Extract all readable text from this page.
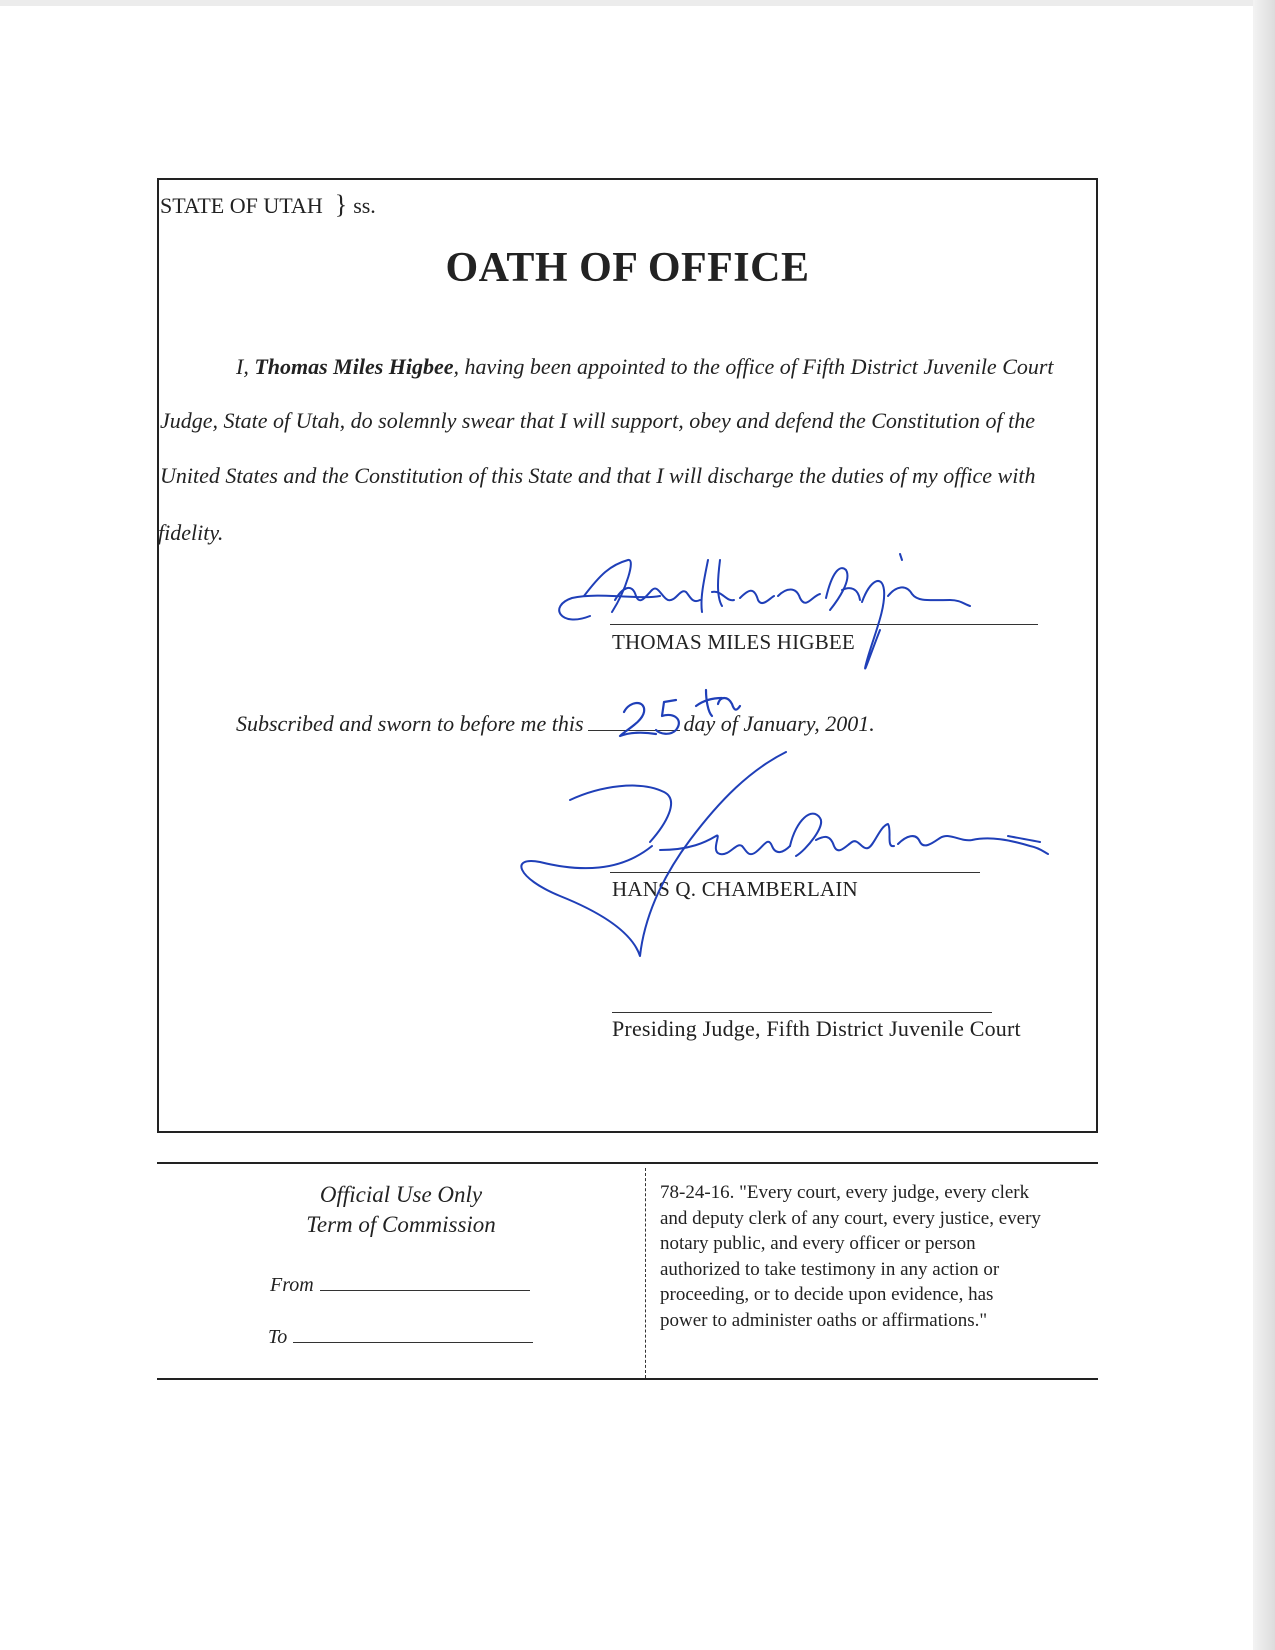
STATE OF UTAH } ss.
OATH OF OFFICE
I, Thomas Miles Higbee, having been appointed to the office of Fifth District Juvenile Court
Judge, State of Utah, do solemnly swear that I will support, obey and defend the Constitution of the
United States and the Constitution of this State and that I will discharge the duties of my office with
fidelity.
THOMAS MILES HIGBEE
Subscribed and sworn to before me this	day of January, 2001.
HANS Q. CHAMBERLAIN
Presiding Judge, Fifth District Juvenile Court
Official Use Only
Term of Commission
From
To
78-24-16. "Every court, every judge, every clerk
and deputy clerk of any court, every justice, every
notary public, and every officer or person
authorized to take testimony in any action or
proceeding, or to decide upon evidence, has
power to administer oaths or affirmations."
